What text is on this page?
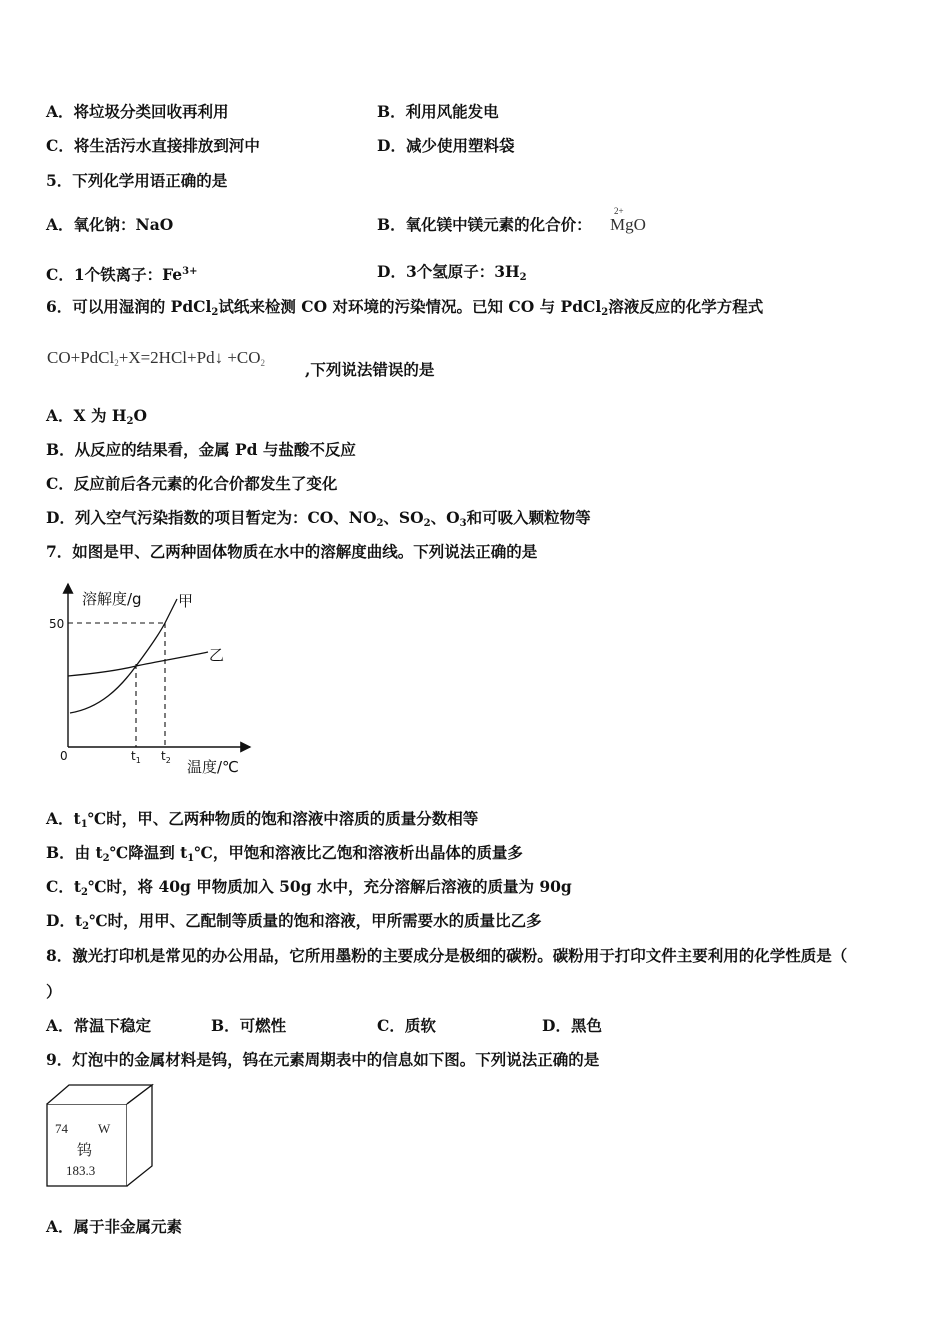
A．将垃圾分类回收再利用	B．利用风能发电
C．将生活污水直接排放到河中	D．减少使用塑料袋
5．下列化学用语正确的是
A．氧化钠：NaO	B．氧化镁中镁元素的化合价：
2+
MgO
C．1个铁离子：$Fe^{3+}$	D．3个氢原子：$3H_2$
6．可以用湿润的 PdCl$_2$试纸来检测 CO 对环境的污染情况。已知 CO 与 PdCl$_2$溶液反应的化学方程式
CO+PdCl$_2$+X=2HCl+Pd↓ $+CO_2$	,下列说法错误的是
A．X 为 $H_2O$
B．从反应的结果看，金属 Pd 与盐酸不反应
C．反应前后各元素的化合价都发生了变化
D．列入空气污染指数的项目暂定为：CO、$NO_2$、$SO_2$、$O_3$和可吸入颗粒物等
7．如图是甲、乙两种固体物质在水中的溶解度曲线。下列说法正确的是
溶解度/g
50
甲
乙
0	$t_1$ $t_2$ 温度/℃
A．$t_1℃$时，甲、乙两种物质的饱和溶液中溶质的质量分数相等
B．由 $t_2℃$降温到 $t_1℃$，甲饱和溶液比乙饱和溶液析出晶体的质量多
C．$t_2℃$时，将 40g 甲物质加入 50g 水中，充分溶解后溶液的质量为 90g
D．$t_2℃$时，用甲、乙配制等质量的饱和溶液，甲所需要水的质量比乙多
8．激光打印机是常见的办公用品，它所用墨粉的主要成分是极细的碳粉。碳粉用于打印文件主要利用的化学性质是（
）
A．常温下稳定	B．可燃性	C．质软	D．黑色
9．灯泡中的金属材料是钨，钨在元素周期表中的信息如下图。下列说法正确的是
74 W
钨
183.3
A．属于非金属元素
